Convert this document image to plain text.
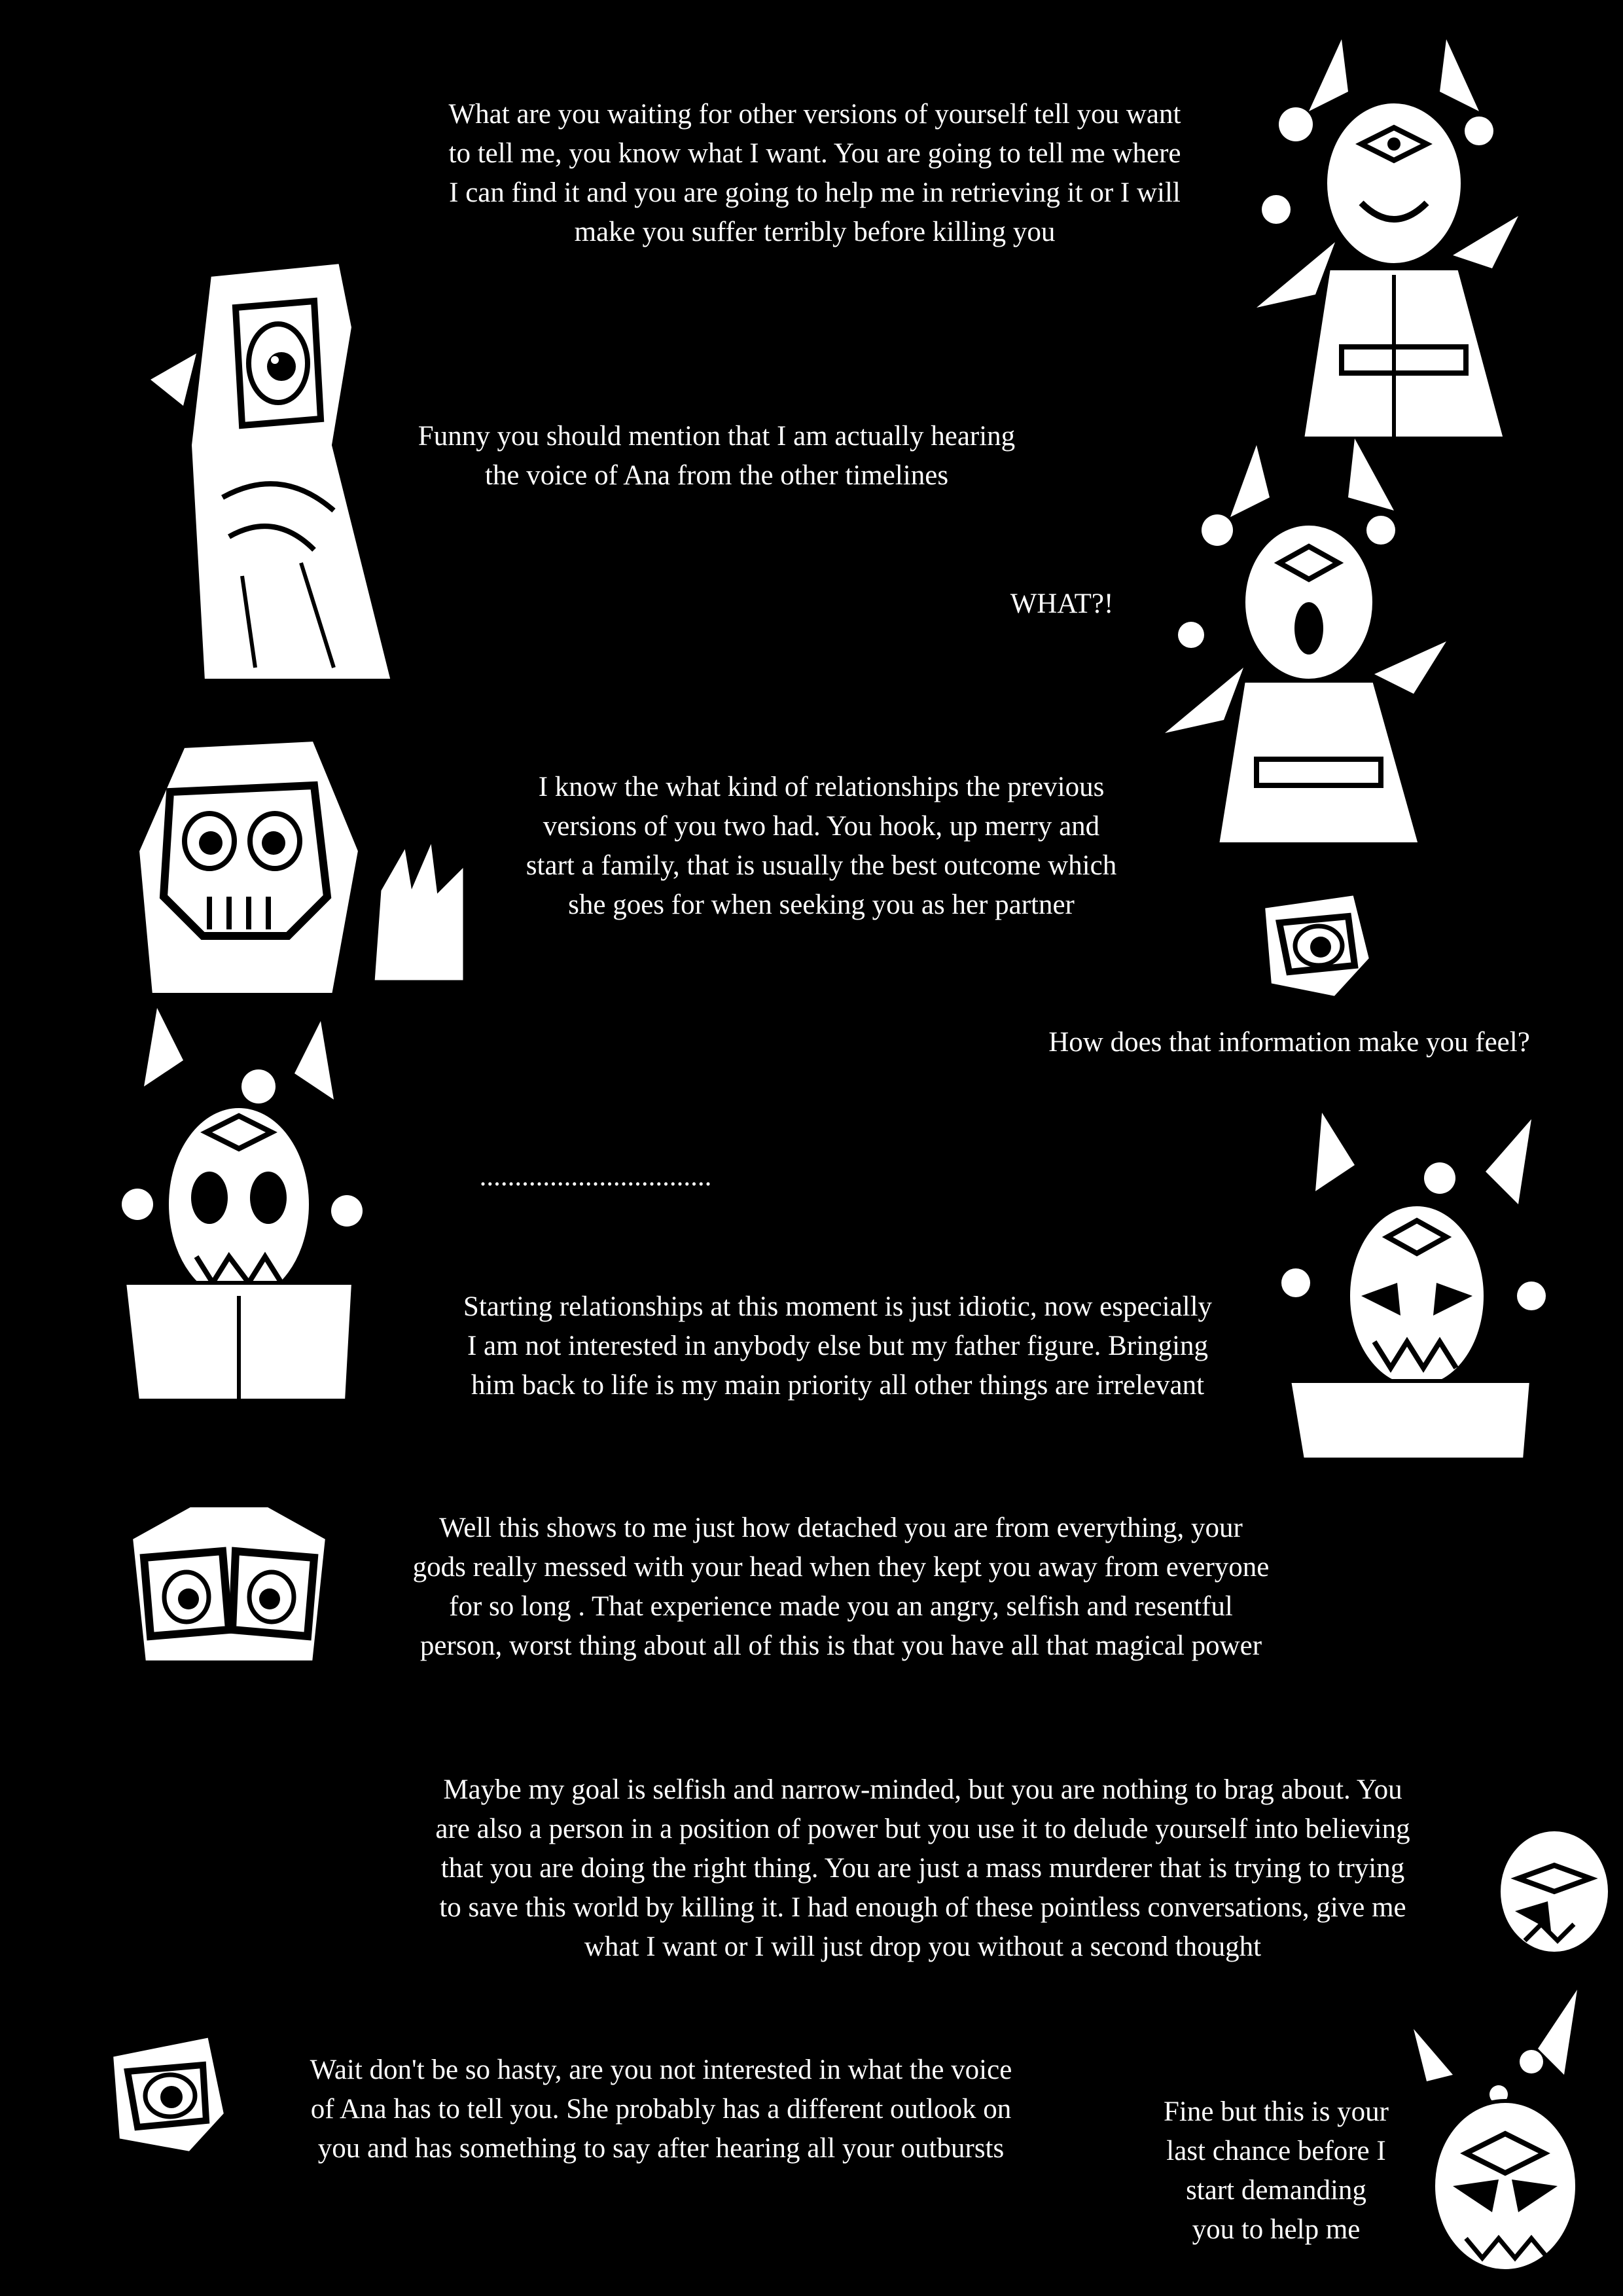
What are you waiting for other versions of yourself tell you want
to tell me, you know what I want. You are going to tell me where
I can find it and you are going to help me in retrieving it or I will
make you suffer terribly before killing you
Funny you should mention that I am actually hearing
the voice of Ana from the other timelines
WHAT?!
I know the what kind of relationships the previous
versions of you two had. You hook, up merry and
start a family, that is usually the best outcome which
she goes for when seeking you as her partner
How does that information make you feel?
.................................
Starting relationships at this moment is just idiotic, now especially
I am not interested in anybody else but my father figure. Bringing
him back to life is my main priority all other things are irrelevant
Well this shows to me just how detached you are from everything, your
gods really messed with your head when they kept you away from everyone
for so long . That experience made you an angry, selfish and resentful
person, worst thing about all of this is that you have all that magical power
Maybe my goal is selfish and narrow-minded, but you are nothing to brag about. You
are also a person in a position of power but you use it to delude yourself into believing
that you are doing the right thing. You are just a mass murderer that is trying to trying
to save this world by killing it. I had enough of these pointless conversations, give me
what I want or I will just drop you without a second thought
Wait don't be so hasty, are you not interested in what the voice
of Ana has to tell you. She probably has a different outlook on
you and has something to say after hearing all your outbursts
Fine but this is your
last chance before I
start demanding
you to help me
